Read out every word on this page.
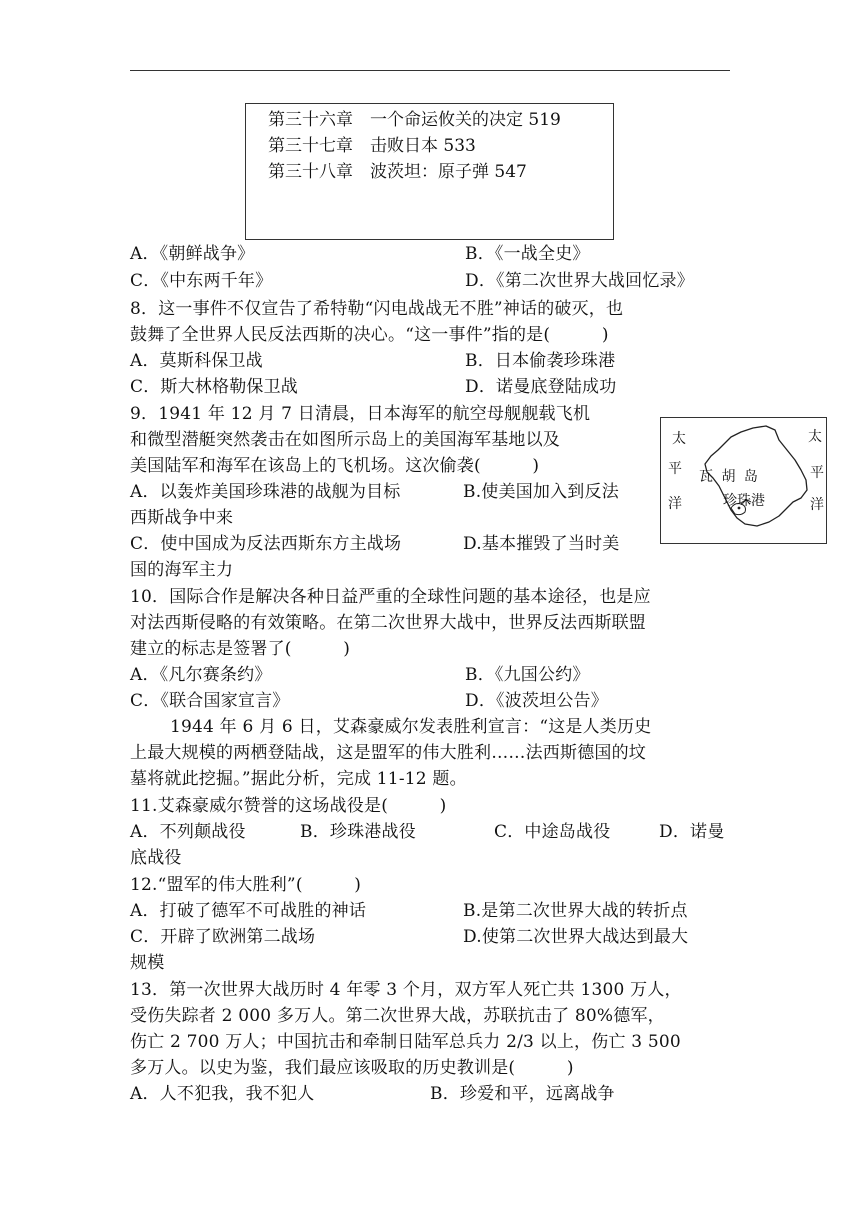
第三十六章　一个命运攸关的决定 519
第三十七章　击败日本 533
第三十八章　波茨坦：原子弹 547
A．《朝鲜战争》	B．《一战全史》
C．《中东两千年》	D．《第二次世界大战回忆录》
8．这一事件不仅宣告了希特勒“闪电战战无不胜”神话的破灭，也
鼓舞了全世界人民反法西斯的决心。“这一事件”指的是(　　　)
A．莫斯科保卫战	B．日本偷袭珍珠港
C．斯大林格勒保卫战	D．诺曼底登陆成功
9．1941 年 12 月 7 日清晨，日本海军的航空母舰舰载飞机
和微型潜艇突然袭击在如图所示岛上的美国海军基地以及
美国陆军和海军在该岛上的飞机场。这次偷袭(　　　)
A．以轰炸美国珍珠港的战舰为目标	B.使美国加入到反法
西斯战争中来
C．使中国成为反法西斯东方主战场	D.基本摧毁了当时美
国的海军主力
太
平
洋
太
平
洋
瓦 胡 岛
珍珠港
10．国际合作是解决各种日益严重的全球性问题的基本途径，也是应
对法西斯侵略的有效策略。在第二次世界大战中，世界反法西斯联盟
建立的标志是签署了(　　　)
A．《凡尔赛条约》	B．《九国公约》
C．《联合国家宣言》	D．《波茨坦公告》
1944 年 6 月 6 日，艾森豪威尔发表胜利宣言：“这是人类历史
上最大规模的两栖登陆战，这是盟军的伟大胜利……法西斯德国的坟
墓将就此挖掘。”据此分析，完成 11-12 题。
11.艾森豪威尔赞誉的这场战役是(　　　)
A．不列颠战役	B．珍珠港战役	C．中途岛战役	D．诺曼
底战役
12.“盟军的伟大胜利”(　　　)
A．打破了德军不可战胜的神话	B.是第二次世界大战的转折点
C．开辟了欧洲第二战场	D.使第二次世界大战达到最大
规模
13．第一次世界大战历时 4 年零 3 个月，双方军人死亡共 1300 万人，
受伤失踪者 2 000 多万人。第二次世界大战，苏联抗击了 80%德军，
伤亡 2 700 万人；中国抗击和牵制日陆军总兵力 2/3 以上，伤亡 3 500
多万人。以史为鉴，我们最应该吸取的历史教训是(　　　)
A．人不犯我，我不犯人	B．珍爱和平，远离战争
